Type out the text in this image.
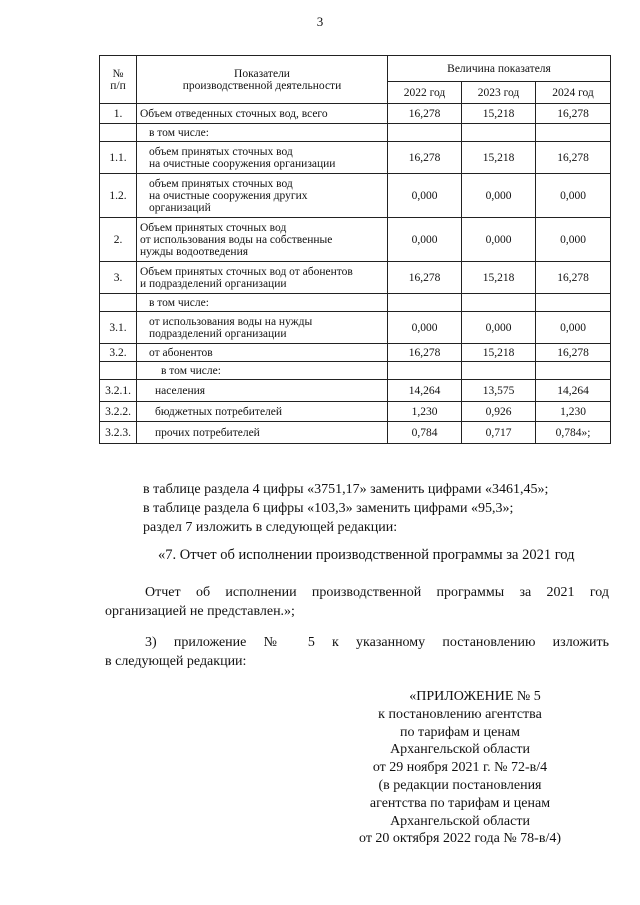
3
№
п/п	Показатели
производственной деятельности	Величина показателя		
		2022 год	2023 год	2024 год
1.	Объем отведенных сточных вод, всего	16,278	15,218	16,278
	в том числе:			
1.1.	объем принятых сточных вод
на очистные сооружения организации	16,278	15,218	16,278
1.2.	объем принятых сточных вод
на очистные сооружения других
организаций	0,000	0,000	0,000
2.	Объем принятых сточных вод
от использования воды на собственные
нужды водоотведения	0,000	0,000	0,000
3.	Объем принятых сточных вод от абонентов
и подразделений организации	16,278	15,218	16,278
	в том числе:			
3.1.	от использования воды на нужды
подразделений организации	0,000	0,000	0,000
3.2.	от абонентов	16,278	15,218	16,278
	в том числе:			
3.2.1.	населения	14,264	13,575	14,264
3.2.2.	бюджетных потребителей	1,230	0,926	1,230
3.2.3.	прочих потребителей	0,784	0,717	0,784»;
в таблице раздела 4 цифры «3751,17» заменить цифрами «3461,45»;
в таблице раздела 6 цифры «103,3» заменить цифрами «95,3»;
раздел 7 изложить в следующей редакции:
«7. Отчет об исполнении производственной программы за 2021 год
Отчет об исполнении производственной программы за 2021 год
организацией не представлен.»;
3) приложение № 5 к указанному постановлению изложить
в следующей редакции:
«ПРИЛОЖЕНИЕ № 5
к постановлению агентства
по тарифам и ценам
Архангельской области
от 29 ноября 2021 г. № 72-в/4
(в редакции постановления
агентства по тарифам и ценам
Архангельской области
от 20 октября 2022 года № 78-в/4)
